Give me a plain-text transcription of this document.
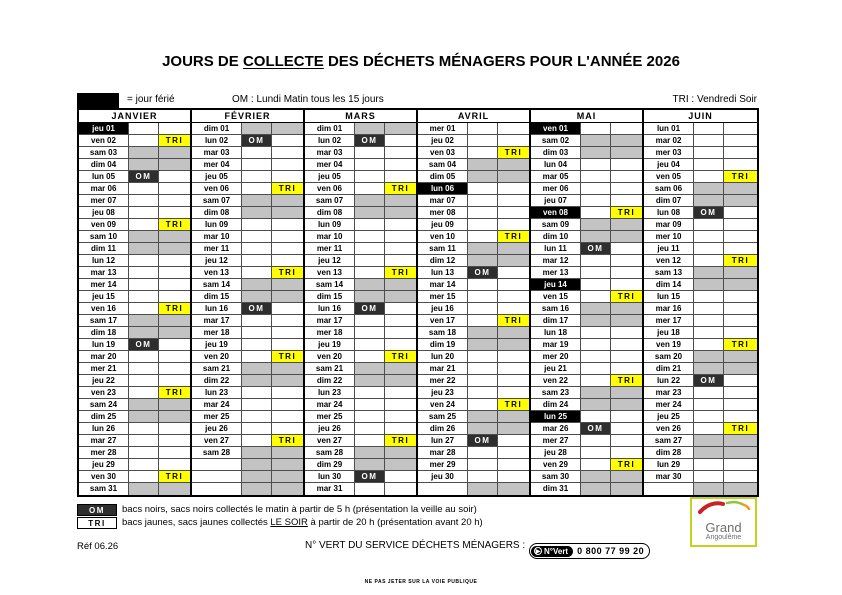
JOURS DE COLLECTE DES DÉCHETS MÉNAGERS POUR L'ANNÉE 2026
= jour férié	OM : Lundi Matin tous les 15 jours	TRI : Vendredi Soir
JANVIER
jeu 01
ven 02	TRI
sam 03
dim 04
lun 05	OM
mar 06
mer 07
jeu 08
ven 09	TRI
sam 10
dim 11
lun 12
mar 13
mer 14
jeu 15
ven 16	TRI
sam 17
dim 18
lun 19	OM
mar 20
mer 21
jeu 22
ven 23	TRI
sam 24
dim 25
lun 26
mar 27
mer 28
jeu 29
ven 30	TRI
sam 31
FÉVRIER
dim 01
lun 02	OM
mar 03
mer 04
jeu 05
ven 06	TRI
sam 07
dim 08
lun 09
mar 10
mer 11
jeu 12
ven 13	TRI
sam 14
dim 15
lun 16	OM
mar 17
mer 18
jeu 19
ven 20	TRI
sam 21
dim 22
lun 23
mar 24
mer 25
jeu 26
ven 27	TRI
sam 28
MARS
dim 01
lun 02	OM
mar 03
mer 04
jeu 05
ven 06	TRI
sam 07
dim 08
lun 09
mar 10
mer 11
jeu 12
ven 13	TRI
sam 14
dim 15
lun 16	OM
mar 17
mer 18
jeu 19
ven 20	TRI
sam 21
dim 22
lun 23
mar 24
mer 25
jeu 26
ven 27	TRI
sam 28
dim 29
lun 30	OM
mar 31
AVRIL
mer 01
jeu 02
ven 03	TRI
sam 04
dim 05
lun 06
mar 07
mer 08
jeu 09
ven 10	TRI
sam 11
dim 12
lun 13	OM
mar 14
mer 15
jeu 16
ven 17	TRI
sam 18
dim 19
lun 20
mar 21
mer 22
jeu 23
ven 24	TRI
sam 25
dim 26
lun 27	OM
mar 28
mer 29
jeu 30
MAI
ven 01
sam 02
dim 03
lun 04
mar 05
mer 06
jeu 07
ven 08	TRI
sam 09
dim 10
lun 11	OM
mar 12
mer 13
jeu 14
ven 15	TRI
sam 16
dim 17
lun 18
mar 19
mer 20
jeu 21
ven 22	TRI
sam 23
dim 24
lun 25
mar 26	OM
mer 27
jeu 28
ven 29	TRI
sam 30
dim 31
JUIN
lun 01
mar 02
mer 03
jeu 04
ven 05	TRI
sam 06
dim 07
lun 08	OM
mar 09
mer 10
jeu 11
ven 12	TRI
sam 13
dim 14
lun 15
mar 16
mer 17
jeu 18
ven 19	TRI
sam 20
dim 21
lun 22	OM
mar 23
mer 24
jeu 25
ven 26	TRI
sam 27
dim 28
lun 29
mar 30
OM	bacs noirs, sacs noirs collectés le matin à partir de 5 h (présentation la veille au soir)
TRI	bacs jaunes, sacs jaunes collectés LE SOIR à partir de 20 h (présentation avant 20 h)
Réf 06.26	N° VERT DU SERVICE DÉCHETS MÉNAGERS :
▶ N°Vert 0 800 77 99 20
Grand
Angoulême
NE PAS JETER SUR LA VOIE PUBLIQUE
